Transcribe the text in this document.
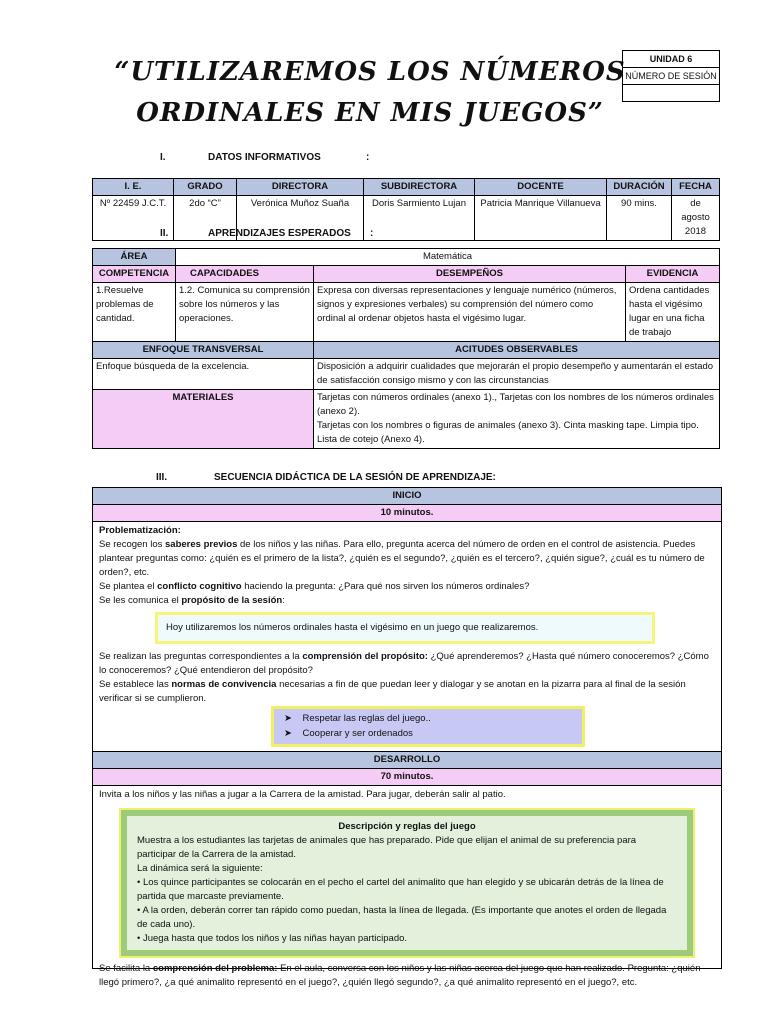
“UTILIZAREMOS LOS NÚMEROS
ORDINALES EN MIS JUEGOS”
UNIDAD 6
NÚMERO DE SESIÓN

I.	DATOS INFORMATIVOS	:
I. E.	GRADO	DIRECTORA	SUBDIRECTORA	DOCENTE	DURACIÓN	FECHA
Nº 22459 J.C.T.	2do “C”	Verónica Muñoz Suaña	Doris Sarmiento Lujan	Patricia Manrique Villanueva	90 mins.	de agosto 2018
II.	APRENDIZAJES ESPERADOS :
ÁREA	Matemática		
COMPETENCIA	CAPACIDADES	DESEMPEÑOS	EVIDENCIA
1.Resuelve problemas de cantidad.	1.2. Comunica su comprensión sobre los números y las operaciones.	Expresa con diversas representaciones y lenguaje numérico (números, signos y expresiones verbales) su comprensión del número como ordinal al ordenar objetos hasta el vigésimo lugar.	Ordena cantidades hasta el vigésimo lugar en una ficha de trabajo
ENFOQUE TRANSVERSAL		ACITUDES OBSERVABLES	
Enfoque búsqueda de la excelencia.		Disposición a adquirir cualidades que mejorarán el propio desempeño y aumentarán el estado de satisfacción consigo mismo y con las circunstancias	
MATERIALES		Tarjetas con números ordinales (anexo 1)., Tarjetas con los nombres de los números ordinales (anexo 2).
Tarjetas con los nombres o figuras de animales (anexo 3). Cinta masking tape. Limpia tipo. Lista de cotejo (Anexo 4).	
III.	SECUENCIA DIDÁCTICA DE LA SESIÓN DE APRENDIZAJE:
INICIO
10 minutos.
Problematización:
Se recogen los saberes previos de los niños y las niñas. Para ello, pregunta acerca del número de orden en el control de asistencia. Puedes plantear preguntas como: ¿quién es el primero de la lista?, ¿quién es el segundo?, ¿quién es el tercero?, ¿quién sigue?, ¿cuál es tu número de orden?, etc.
Se plantea el conflicto cognitivo haciendo la pregunta: ¿Para qué nos sirven los números ordinales?
Se les comunica el propósito de la sesión:
Hoy utilizaremos los números ordinales hasta el vigésimo en un juego que realizaremos.
Se realizan las preguntas correspondientes a la comprensión del propósito: ¿Qué aprenderemos? ¿Hasta qué número conoceremos? ¿Cómo lo conoceremos? ¿Qué entendieron del propósito?
Se establece las normas de convivencia necesarias a fin de que puedan leer y dialogar y se anotan en la pizarra para al final de la sesión verificar si se cumplieron.
➤ Respetar las reglas del juego..
➤ Cooperar y ser ordenados
DESARROLLO
70 minutos.
Invita a los niños y las niñas a jugar a la Carrera de la amistad. Para jugar, deberán salir al patio.
Descripción y reglas del juego
Muestra a los estudiantes las tarjetas de animales que has preparado. Pide que elijan el animal de su preferencia para participar de la Carrera de la amistad.
La dinámica será la siguiente:
• Los quince participantes se colocarán en el pecho el cartel del animalito que han elegido y se ubicarán detrás de la línea de partida que marcaste previamente.
• A la orden, deberán correr tan rápido como puedan, hasta la línea de llegada. (Es importante que anotes el orden de llegada de cada uno).
• Juega hasta que todos los niños y las niñas hayan participado.
Se facilita la comprensión del problema: En el aula, conversa con los niños y las niñas acerca del juego que han realizado. Pregunta: ¿quién llegó primero?, ¿a qué animalito representó en el juego?, ¿quién llegó segundo?, ¿a qué animalito representó en el juego?, etc.
